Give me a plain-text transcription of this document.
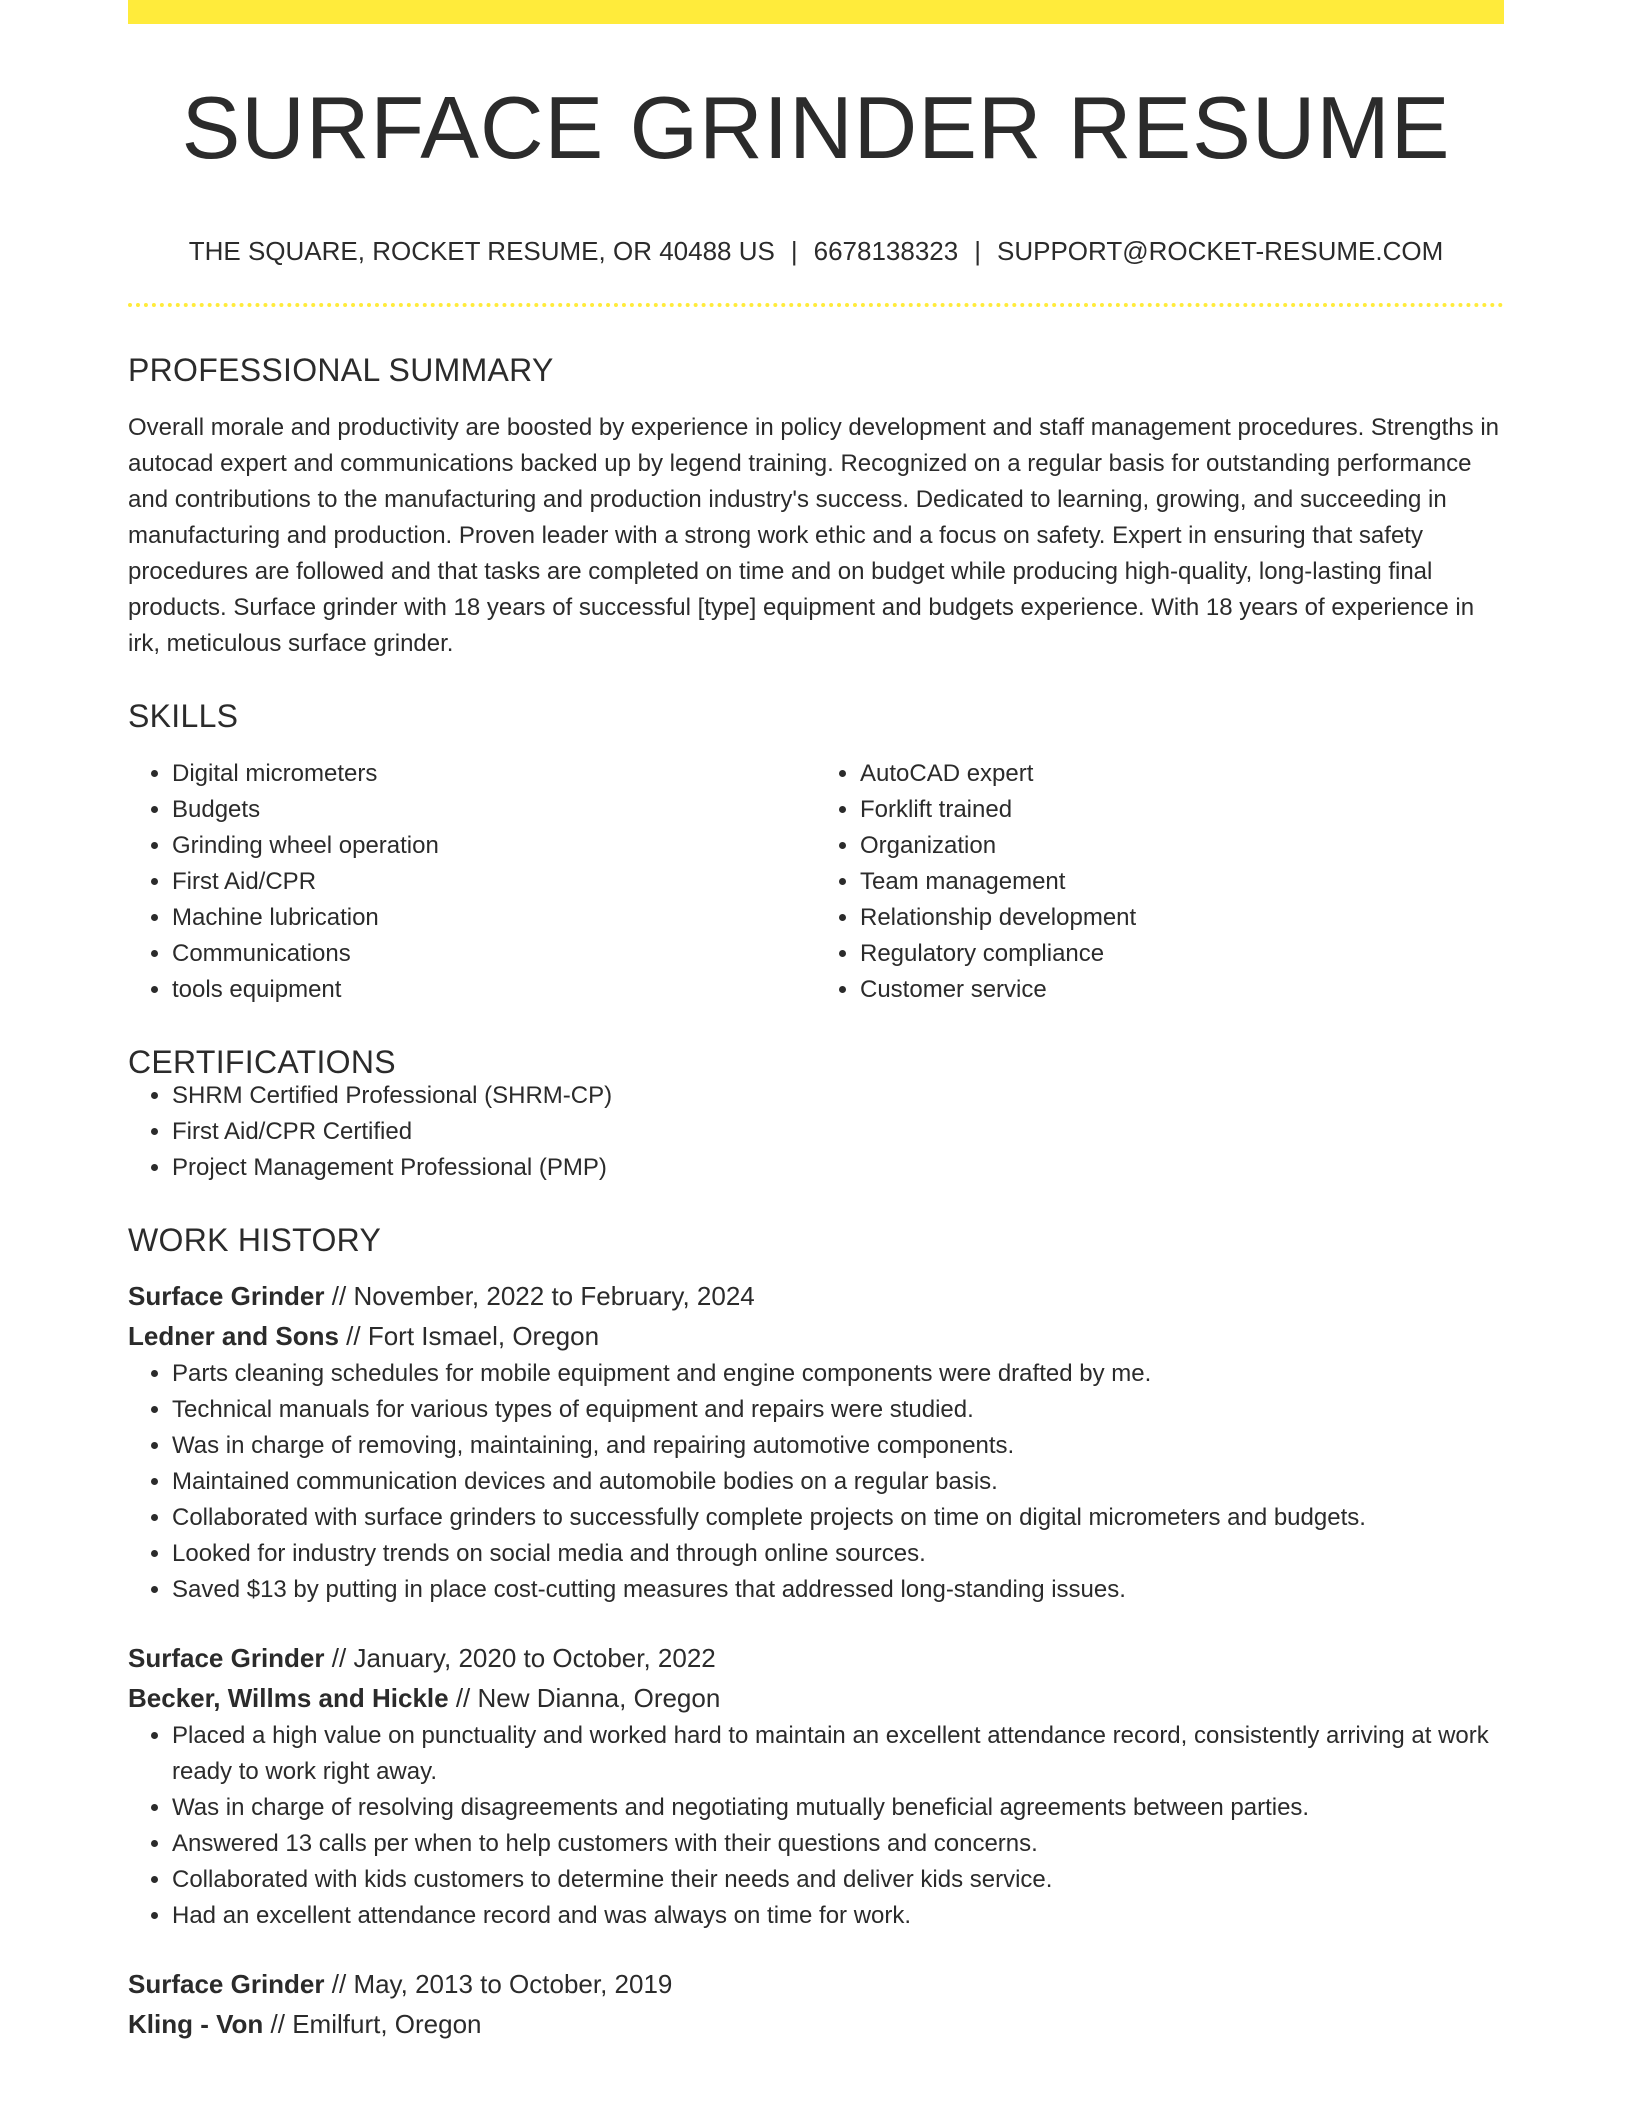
SURFACE GRINDER RESUME
THE SQUARE, ROCKET RESUME, OR 40488 US | 6678138323 | SUPPORT@ROCKET-RESUME.COM
PROFESSIONAL SUMMARY
Overall morale and productivity are boosted by experience in policy development and staff management procedures. Strengths in autocad expert and communications backed up by legend training. Recognized on a regular basis for outstanding performance and contributions to the manufacturing and production industry's success. Dedicated to learning, growing, and succeeding in manufacturing and production. Proven leader with a strong work ethic and a focus on safety. Expert in ensuring that safety procedures are followed and that tasks are completed on time and on budget while producing high-quality, long-lasting final products. Surface grinder with 18 years of successful [type] equipment and budgets experience. With 18 years of experience in irk, meticulous surface grinder.
SKILLS
• Digital micrometers
• Budgets
• Grinding wheel operation
• First Aid/CPR
• Machine lubrication
• Communications
• tools equipment
• AutoCAD expert
• Forklift trained
• Organization
• Team management
• Relationship development
• Regulatory compliance
• Customer service
CERTIFICATIONS
• SHRM Certified Professional (SHRM-CP)
• First Aid/CPR Certified
• Project Management Professional (PMP)
WORK HISTORY
Surface Grinder // November, 2022 to February, 2024
Ledner and Sons // Fort Ismael, Oregon
• Parts cleaning schedules for mobile equipment and engine components were drafted by me.
• Technical manuals for various types of equipment and repairs were studied.
• Was in charge of removing, maintaining, and repairing automotive components.
• Maintained communication devices and automobile bodies on a regular basis.
• Collaborated with surface grinders to successfully complete projects on time on digital micrometers and budgets.
• Looked for industry trends on social media and through online sources.
• Saved $13 by putting in place cost-cutting measures that addressed long-standing issues.
Surface Grinder // January, 2020 to October, 2022
Becker, Willms and Hickle // New Dianna, Oregon
• Placed a high value on punctuality and worked hard to maintain an excellent attendance record, consistently arriving at work ready to work right away.
• Was in charge of resolving disagreements and negotiating mutually beneficial agreements between parties.
• Answered 13 calls per when to help customers with their questions and concerns.
• Collaborated with kids customers to determine their needs and deliver kids service.
• Had an excellent attendance record and was always on time for work.
Surface Grinder // May, 2013 to October, 2019
Kling - Von // Emilfurt, Oregon
